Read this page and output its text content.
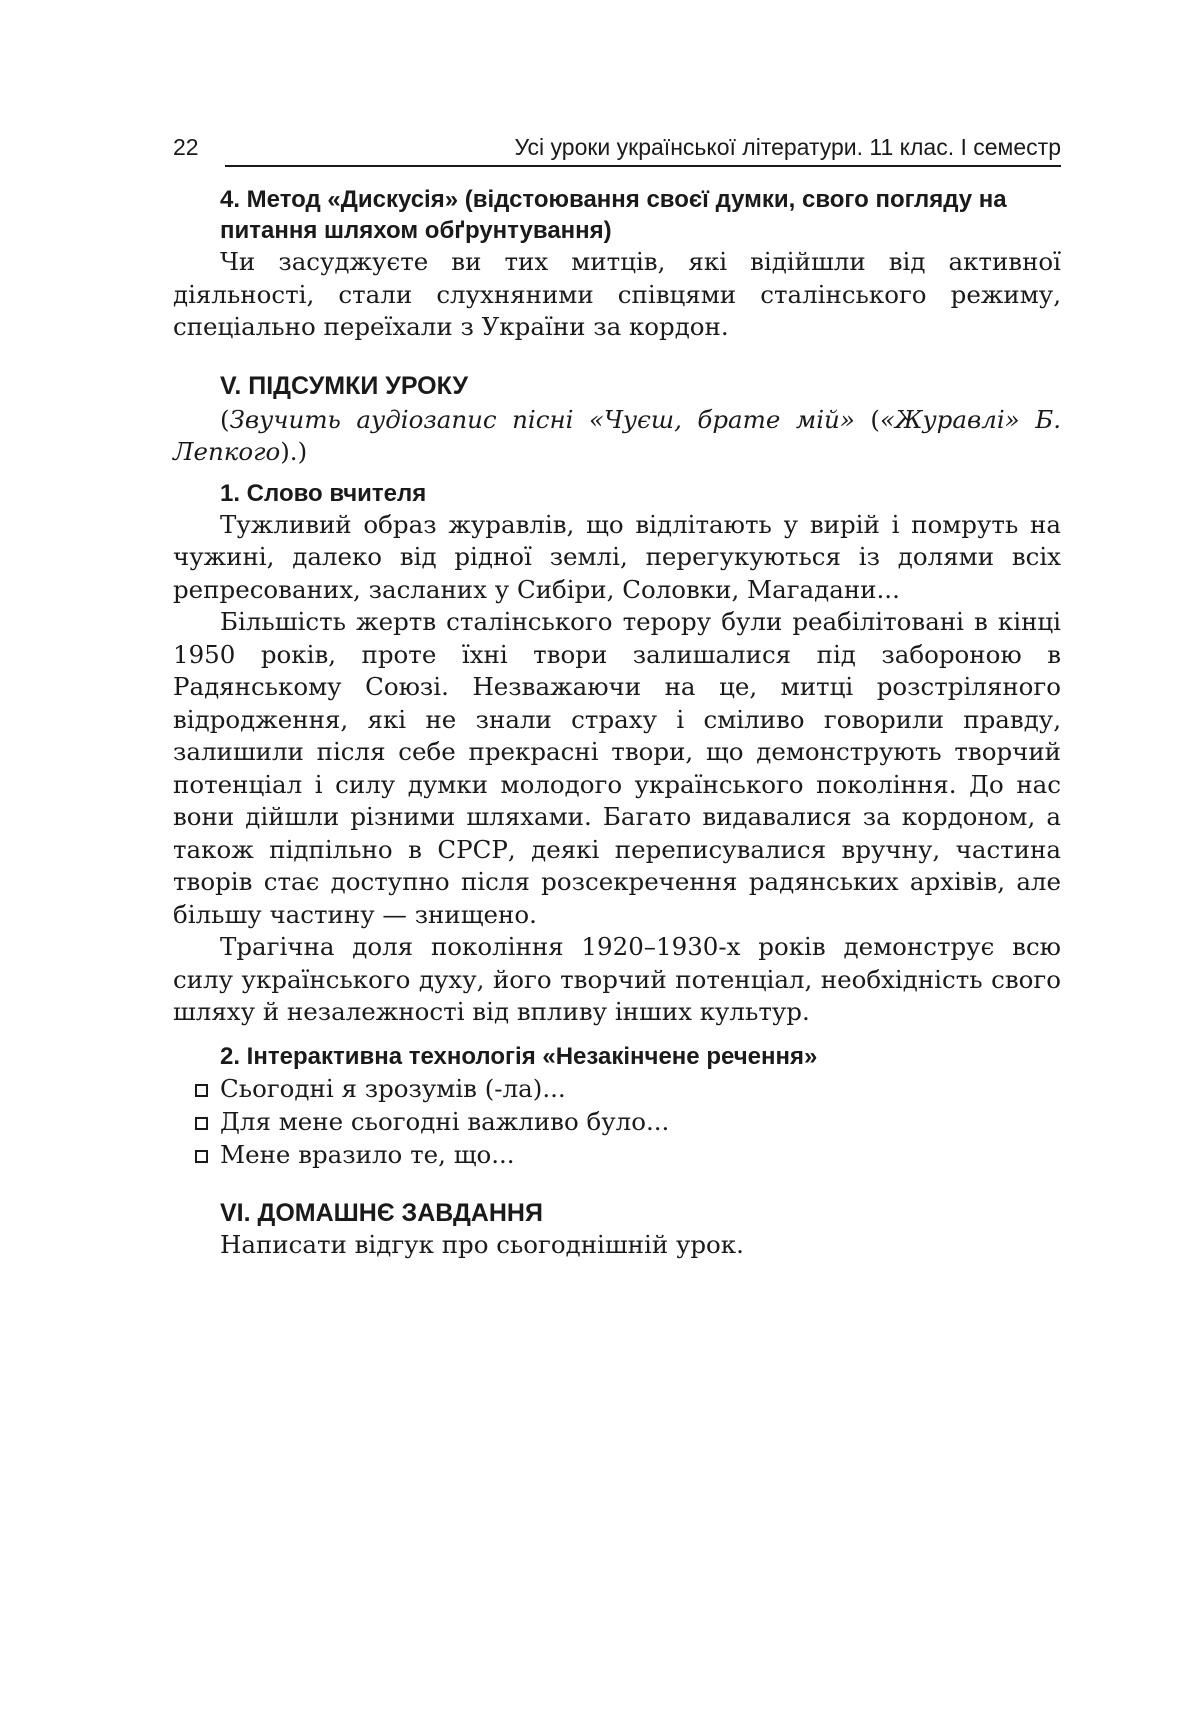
22	Усі уроки української літератури. 11 клас. I семестр
4. Метод «Дискусія» (відстоювання своєї думки, свого погляду на питання шляхом обґрунтування)

Чи засуджуєте ви тих митців, які відійшли від активної діяльності, стали слухняними співцями сталінського режиму, спеціально переїхали з України за кордон.

V. ПІДСУМКИ УРОКУ

(Звучить аудіозапис пісні «Чуєш, брате мій» («Журавлі» Б. Лепкого).)

1. Слово вчителя

Тужливий образ журавлів, що відлітають у вирій і помруть на чужині, далеко від рідної землі, перегукуються із долями всіх репресованих, засланих у Сибіри, Соловки, Магадани...

Більшість жертв сталінського терору були реабілітовані в кінці 1950 років, проте їхні твори залишалися під забороною в Радянському Союзі. Незважаючи на це, митці розстріляного відродження, які не знали страху і сміливо говорили правду, залишили після себе прекрасні твори, що демонструють творчий потенціал і силу думки молодого українського покоління. До нас вони дійшли різними шляхами. Багато видавалися за кордоном, а також підпільно в СРСР, деякі переписувалися вручну, частина творів стає доступно після розсекречення радянських архівів, але більшу частину — знищено.

Трагічна доля покоління 1920–1930-х років демонструє всю силу українського духу, його творчий потенціал, необхідність свого шляху й незалежності від впливу інших культур.

2. Інтерактивна технологія «Незакінчене речення»
Сьогодні я зрозумів (-ла)...
Для мене сьогодні важливо було...
Мене вразило те, що...
VI. ДОМАШНЄ ЗАВДАННЯ

Написати відгук про сьогоднішній урок.
